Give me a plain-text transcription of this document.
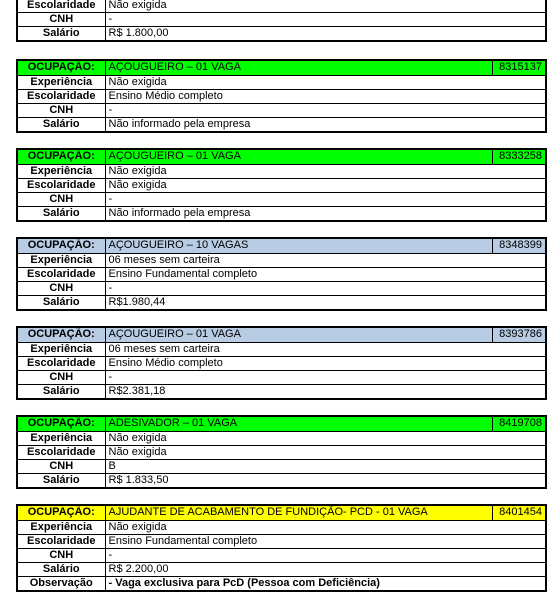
Escolaridade	Não exigida
CNH	-
Salário	R$ 1.800,00
OCUPAÇÃO:	AÇOUGUEIRO – 01 VAGA	8315137
Experiência	Não exigida	
Escolaridade	Ensino Médio completo	
CNH	-	
Salário	Não informado pela empresa	
OCUPAÇÃO:	AÇOUGUEIRO – 01 VAGA	8333258
Experiência	Não exigida	
Escolaridade	Não exigida	
CNH	-	
Salário	Não informado pela empresa	
OCUPAÇÃO:	AÇOUGUEIRO – 10 VAGAS	8348399
Experiência	06 meses sem carteira	
Escolaridade	Ensino Fundamental completo	
CNH	-	
Salário	R$1.980,44	
OCUPAÇÃO:	AÇOUGUEIRO – 01 VAGA	8393786
Experiência	06 meses sem carteira	
Escolaridade	Ensino Médio completo	
CNH	-	
Salário	R$2.381,18	
OCUPAÇÃO:	ADESIVADOR – 01 VAGA	8419708
Experiência	Não exigida	
Escolaridade	Não exigida	
CNH	B	
Salário	R$ 1.833,50	
OCUPAÇÃO:	AJUDANTE DE ACABAMENTO DE FUNDIÇÃO- PCD - 01 VAGA	8401454
Experiência	Não exigida	
Escolaridade	Ensino Fundamental completo	
CNH	-	
Salário	R$ 2.200,00	
Observação	- Vaga exclusiva para PcD (Pessoa com Deficiência)	
